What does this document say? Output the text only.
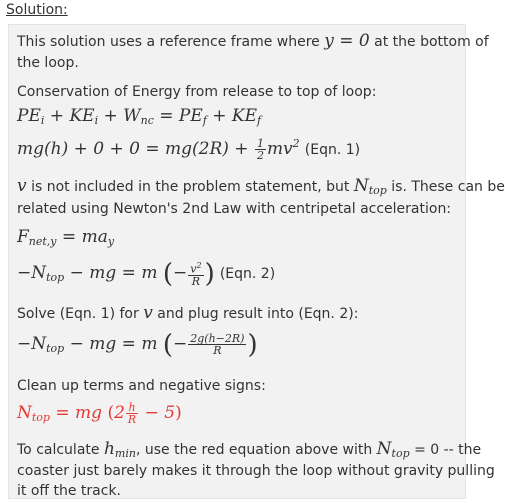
Solution:
This solution uses a reference frame where y = 0 at the bottom of
the loop.
Conservation of Energy from release to top of loop:
$PE_i + KE_i + W_{nc} = PE_f + KE_f$
$mg(h) + 0 + 0 = mg(2R) + \frac{1}{2} mv^2$ (Eqn. 1)
v is not included in the problem statement, but $N_{top}$ is. These can be
related using Newton's 2nd Law with centripetal acceleration:
$F_{net,y} = ma_y$
$-N_{top}$ − mg = m (− $\frac{v^2}{R}$ ) (Eqn. 2)
Solve (Eqn. 1) for v and plug result into (Eqn. 2):
$-N_{top}$ − mg = m (− $\frac{2g(h-2R)}{R}$ )
Clean up terms and negative signs:
$N_{top}$ = mg $(2 \frac{h}{R} - 5)$
To calculate $h_{min}$, use the red equation above with $N_{top} = 0$ -- the
coaster just barely makes it through the loop without gravity pulling
it off the track.
